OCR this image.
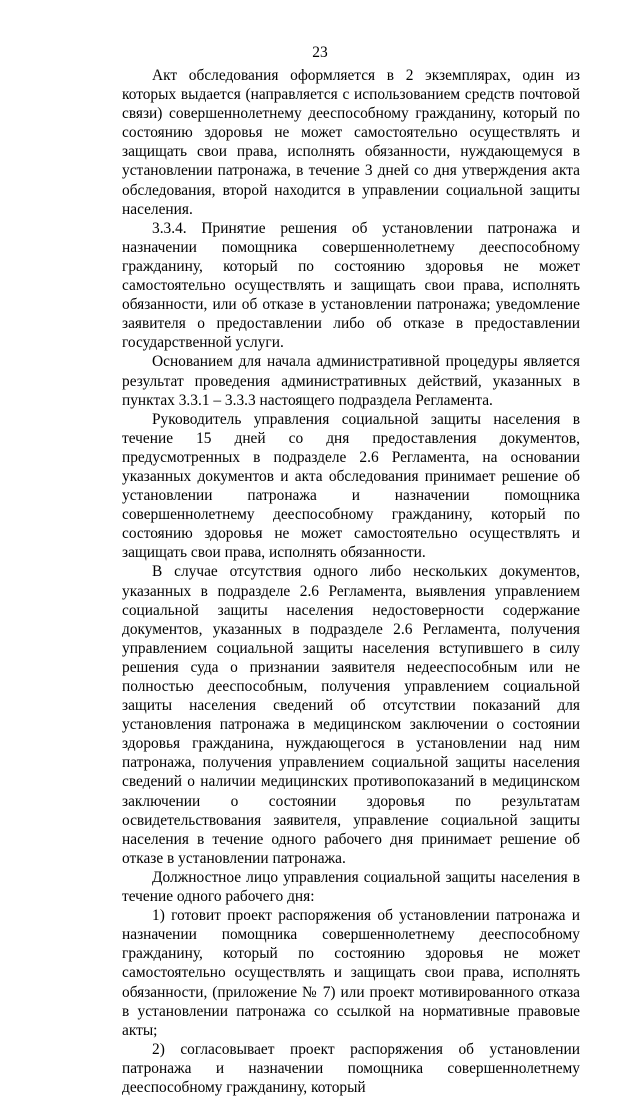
23

Акт обследования оформляется в 2 экземплярах, один из которых выдается (направляется с использованием средств почтовой связи) совершеннолетнему дееспособному гражданину, который по состоянию здоровья не может самостоятельно осуществлять и защищать свои права, исполнять обязанности, нуждающемуся в установлении патронажа, в течение 3 дней со дня утверждения акта обследования, второй находится в управлении социальной защиты населения.

3.3.4. Принятие решения об установлении патронажа и назначении помощника совершеннолетнему дееспособному гражданину, который по состоянию здоровья не может самостоятельно осуществлять и защищать свои права, исполнять обязанности, или об отказе в установлении патронажа; уведомление заявителя о предоставлении либо об отказе в предоставлении государственной услуги.

Основанием для начала административной процедуры является результат проведения административных действий, указанных в пунктах 3.3.1 – 3.3.3 настоящего подраздела Регламента.

Руководитель управления социальной защиты населения в течение 15 дней со дня предоставления документов, предусмотренных в подразделе 2.6 Регламента, на основании указанных документов и акта обследования принимает решение об установлении патронажа и назначении помощника совершеннолетнему дееспособному гражданину, который по состоянию здоровья не может самостоятельно осуществлять и защищать свои права, исполнять обязанности.

В случае отсутствия одного либо нескольких документов, указанных в подразделе 2.6 Регламента, выявления управлением социальной защиты населения недостоверности содержание документов, указанных в подразделе 2.6 Регламента, получения управлением социальной защиты населения вступившего в силу решения суда о признании заявителя недееспособным или не полностью дееспособным, получения управлением социальной защиты населения сведений об отсутствии показаний для установления патронажа в медицинском заключении о состоянии здоровья гражданина, нуждающегося в установлении над ним патронажа, получения управлением социальной защиты населения сведений о наличии медицинских противопоказаний в медицинском заключении о состоянии здоровья по результатам освидетельствования заявителя, управление социальной защиты населения в течение одного рабочего дня принимает решение об отказе в установлении патронажа.

Должностное лицо управления социальной защиты населения в течение одного рабочего дня:

1) готовит проект распоряжения об установлении патронажа и назначении помощника совершеннолетнему дееспособному гражданину, который по состоянию здоровья не может самостоятельно осуществлять и защищать свои права, исполнять обязанности, (приложение № 7) или проект мотивированного отказа в установлении патронажа со ссылкой на нормативные правовые акты;

2) согласовывает проект распоряжения об установлении патронажа и назначении помощника совершеннолетнему дееспособному гражданину, который
